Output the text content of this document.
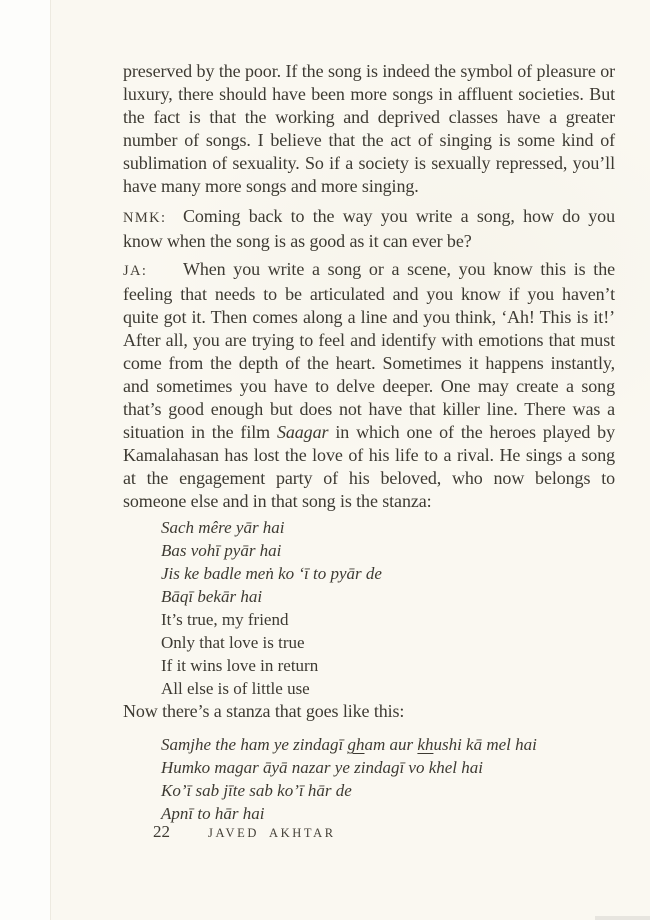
preserved by the poor. If the song is indeed the symbol of pleasure or luxury, there should have been more songs in affluent societies. But the fact is that the working and deprived classes have a greater number of songs. I believe that the act of singing is some kind of sublimation of sexuality. So if a society is sexually repressed, you’ll have many more songs and more singing.

NMK: Coming back to the way you write a song, how do you know when the song is as good as it can ever be?

JA: When you write a song or a scene, you know this is the feeling that needs to be articulated and you know if you haven’t quite got it. Then comes along a line and you think, ‘Ah! This is it!’ After all, you are trying to feel and identify with emotions that must come from the depth of the heart. Sometimes it happens instantly, and sometimes you have to delve deeper. One may create a song that’s good enough but does not have that killer line. There was a situation in the film Saagar in which one of the heroes played by Kamalahasan has lost the love of his life to a rival. He sings a song at the engagement party of his beloved, who now belongs to someone else and in that song is the stanza:

Sach mêre yār hai
Bas vohī pyār hai
Jis ke badle meṅ ko ‘ī to pyār de
Bāqī bekār hai
It’s true, my friend
Only that love is true
If it wins love in return
All else is of little use

Now there’s a stanza that goes like this:

Samjhe the ham ye zindagī gham aur khushi kā mel hai
Humko magar āyā nazar ye zindagī vo khel hai
Ko’ī sab jīte sab ko’ī hār de
Apnī to hār hai
22	JAVED AKHTAR
